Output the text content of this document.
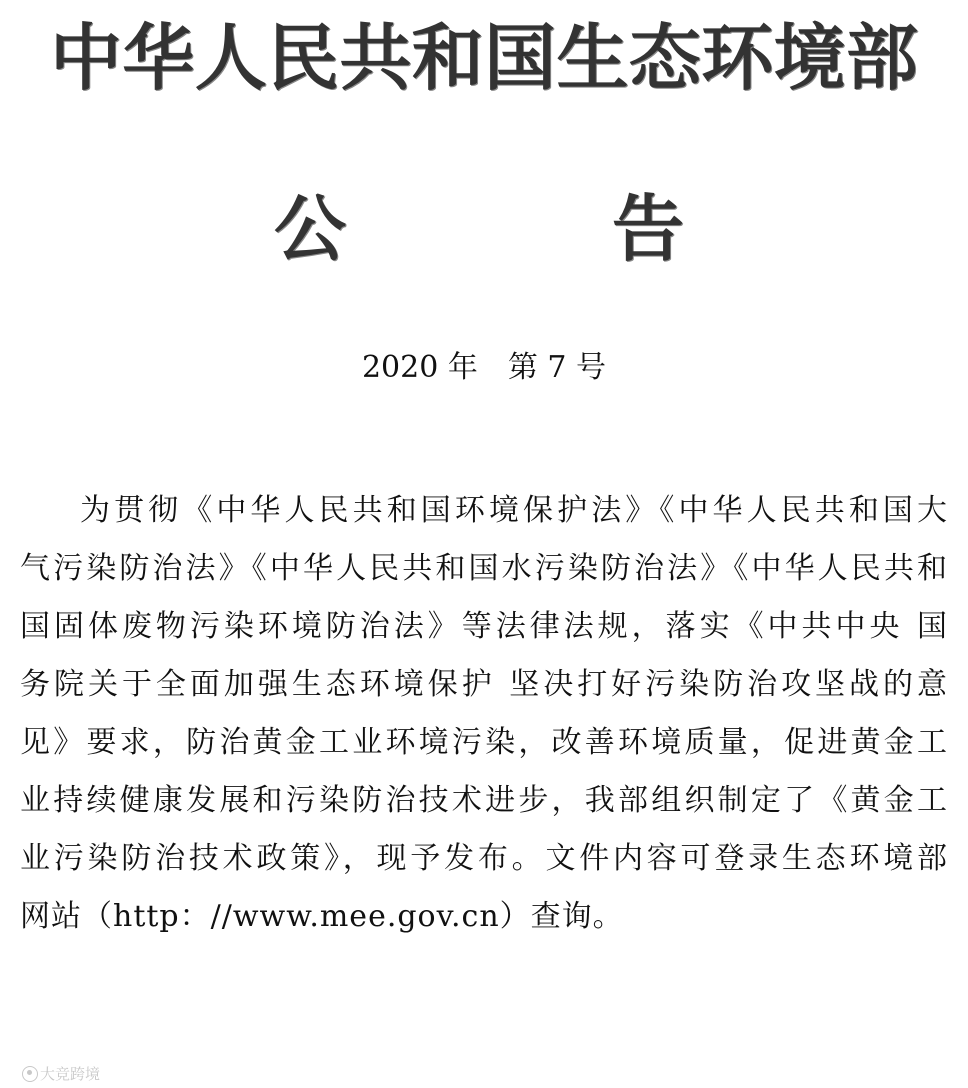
中 华 人 民 共 和 国 生 态 环 境 部
公	告
2020 年　第 7 号
为贯彻《中华人民共和国环境保护法》《中华人民共和国大
气污染防治法》《中华人民共和国水污染防治法》《中华人民共和
国固体废物污染环境防治法》等法律法规，落实《中共中央 国
务院关于全面加强生态环境保护 坚决打好污染防治攻坚战的意
见》要求，防治黄金工业环境污染，改善环境质量，促进黄金工
业持续健康发展和污染防治技术进步，我部组织制定了《黄金工
业污染防治技术政策》，现予发布。文件内容可登录生态环境部
网站（http：//www.mee.gov.cn）查询。
大竞跨境
